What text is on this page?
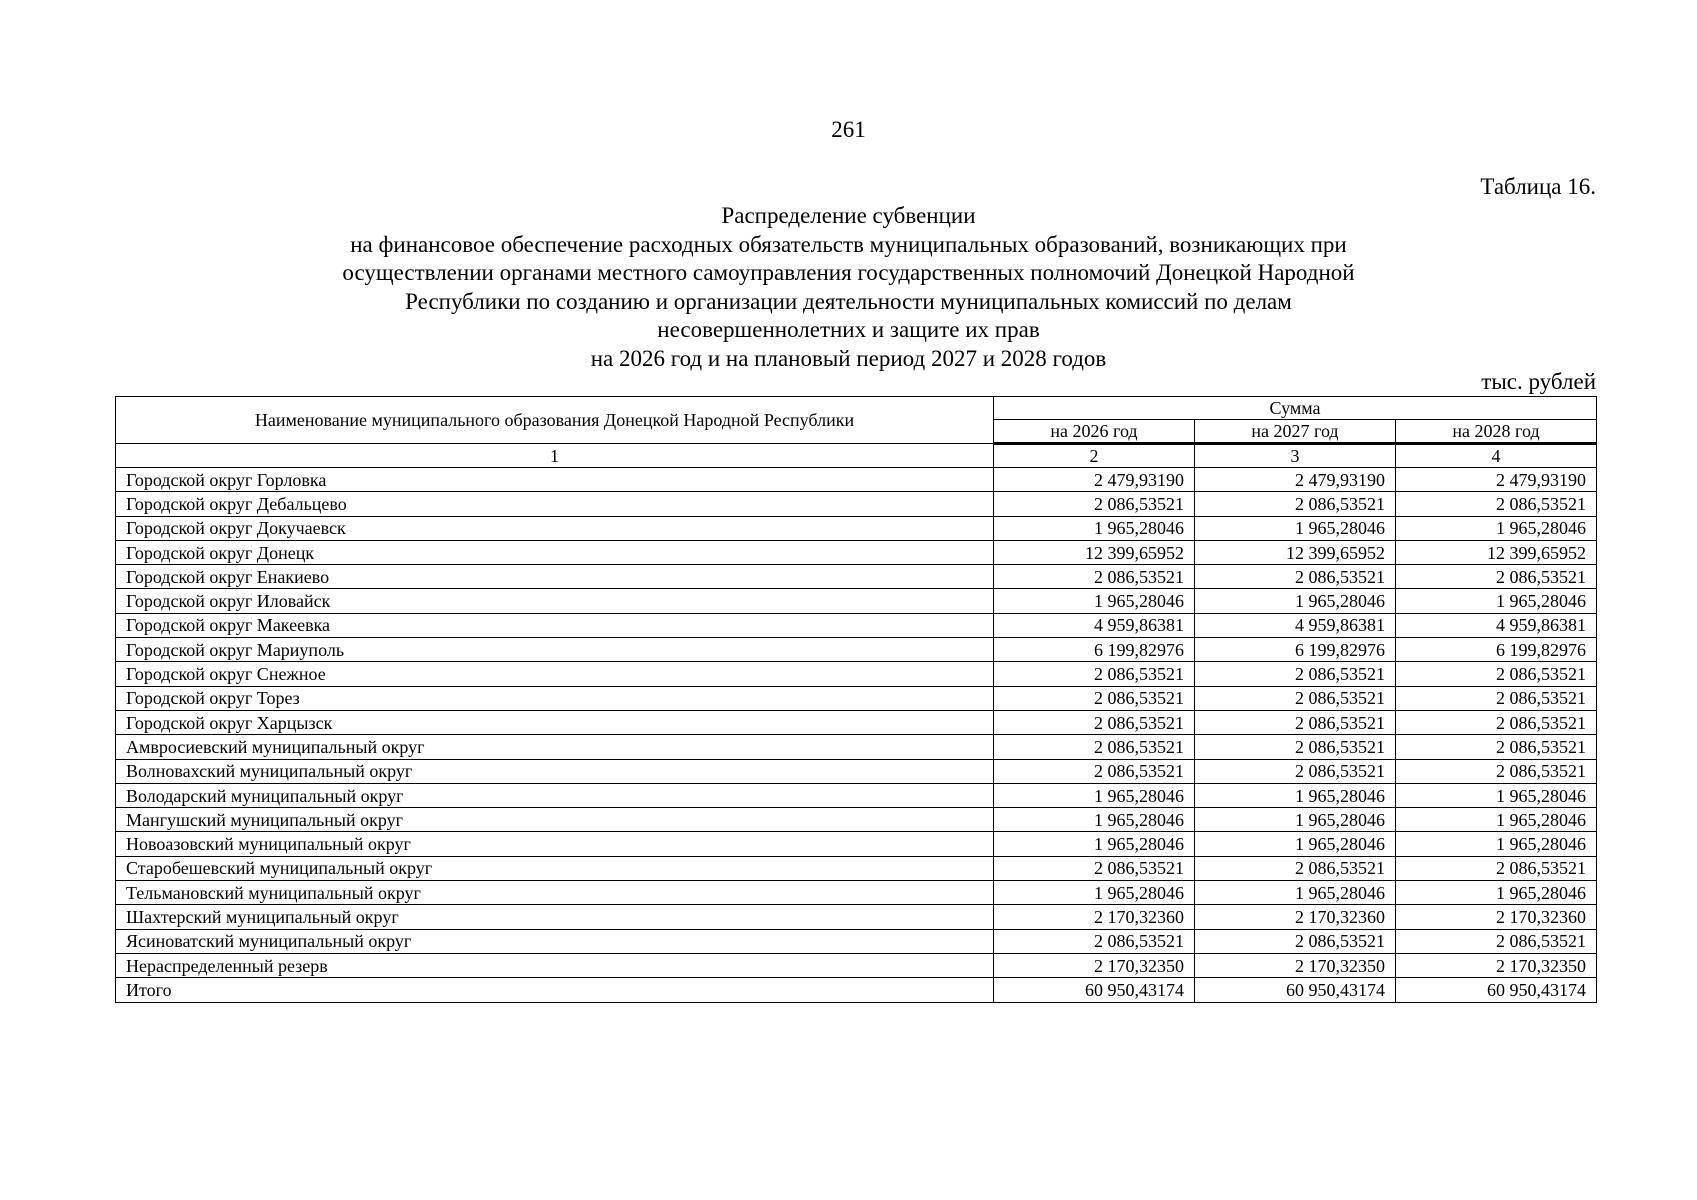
261
Таблица 16.
Распределение субвенции
на финансовое обеспечение расходных обязательств муниципальных образований, возникающих при
осуществлении органами местного самоуправления государственных полномочий Донецкой Народной
Республики по созданию и организации деятельности муниципальных комиссий по делам
несовершеннолетних и защите их прав
на 2026 год и на плановый период 2027 и 2028 годов
тыс. рублей
Наименование муниципального образования Донецкой Народной Республики	Сумма		
	на 2026 год	на 2027 год	на 2028 год
1	2	3	4
Городской округ Горловка	2 479,93190	2 479,93190	2 479,93190
Городской округ Дебальцево	2 086,53521	2 086,53521	2 086,53521
Городской округ Докучаевск	1 965,28046	1 965,28046	1 965,28046
Городской округ Донецк	12 399,65952	12 399,65952	12 399,65952
Городской округ Енакиево	2 086,53521	2 086,53521	2 086,53521
Городской округ Иловайск	1 965,28046	1 965,28046	1 965,28046
Городской округ Макеевка	4 959,86381	4 959,86381	4 959,86381
Городской округ Мариуполь	6 199,82976	6 199,82976	6 199,82976
Городской округ Снежное	2 086,53521	2 086,53521	2 086,53521
Городской округ Торез	2 086,53521	2 086,53521	2 086,53521
Городской округ Харцызск	2 086,53521	2 086,53521	2 086,53521
Амвросиевский муниципальный округ	2 086,53521	2 086,53521	2 086,53521
Волновахский муниципальный округ	2 086,53521	2 086,53521	2 086,53521
Володарский муниципальный округ	1 965,28046	1 965,28046	1 965,28046
Мангушский муниципальный округ	1 965,28046	1 965,28046	1 965,28046
Новоазовский муниципальный округ	1 965,28046	1 965,28046	1 965,28046
Старобешевский муниципальный округ	2 086,53521	2 086,53521	2 086,53521
Тельмановский муниципальный округ	1 965,28046	1 965,28046	1 965,28046
Шахтерский муниципальный округ	2 170,32360	2 170,32360	2 170,32360
Ясиноватский муниципальный округ	2 086,53521	2 086,53521	2 086,53521
Нераспределенный резерв	2 170,32350	2 170,32350	2 170,32350
Итого	60 950,43174	60 950,43174	60 950,43174
